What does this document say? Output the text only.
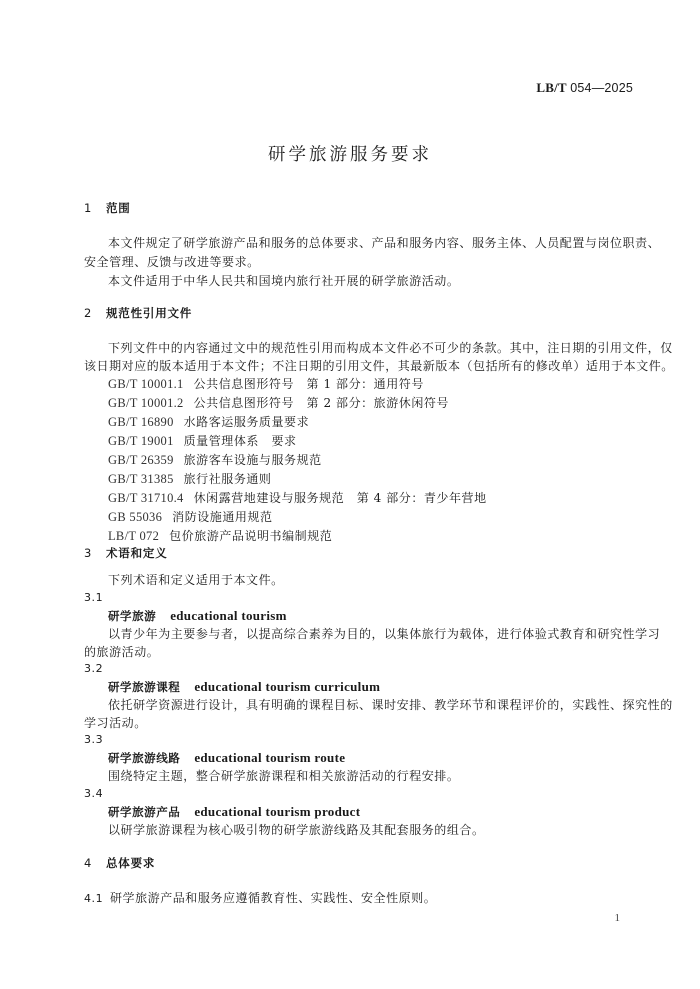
LB/T 054—2025
研学旅游服务要求
1 范围
本文件规定了研学旅游产品和服务的总体要求、产品和服务内容、服务主体、人员配置与岗位职责、
安全管理、反馈与改进等要求。
本文件适用于中华人民共和国境内旅行社开展的研学旅游活动。
2 规范性引用文件
下列文件中的内容通过文中的规范性引用而构成本文件必不可少的条款。其中，注日期的引用文件，仅
该日期对应的版本适用于本文件；不注日期的引用文件，其最新版本（包括所有的修改单）适用于本文件。
GB/T 10001.1 公共信息图形符号　第 1 部分：通用符号
GB/T 10001.2 公共信息图形符号　第 2 部分：旅游休闲符号
GB/T 16890 水路客运服务质量要求
GB/T 19001 质量管理体系　要求
GB/T 26359 旅游客车设施与服务规范
GB/T 31385 旅行社服务通则
GB/T 31710.4 休闲露营地建设与服务规范　第 4 部分：青少年营地
GB 55036 消防设施通用规范
LB/T 072 包价旅游产品说明书编制规范
3 术语和定义
下列术语和定义适用于本文件。
3.1
研学旅游 educational tourism
以青少年为主要参与者，以提高综合素养为目的，以集体旅行为载体，进行体验式教育和研究性学习
的旅游活动。
3.2
研学旅游课程 educational tourism curriculum
依托研学资源进行设计，具有明确的课程目标、课时安排、教学环节和课程评价的，实践性、探究性的
学习活动。
3.3
研学旅游线路 educational tourism route
围绕特定主题，整合研学旅游课程和相关旅游活动的行程安排。
3.4
研学旅游产品 educational tourism product
以研学旅游课程为核心吸引物的研学旅游线路及其配套服务的组合。
4 总体要求
4.1 研学旅游产品和服务应遵循教育性、实践性、安全性原则。
1
